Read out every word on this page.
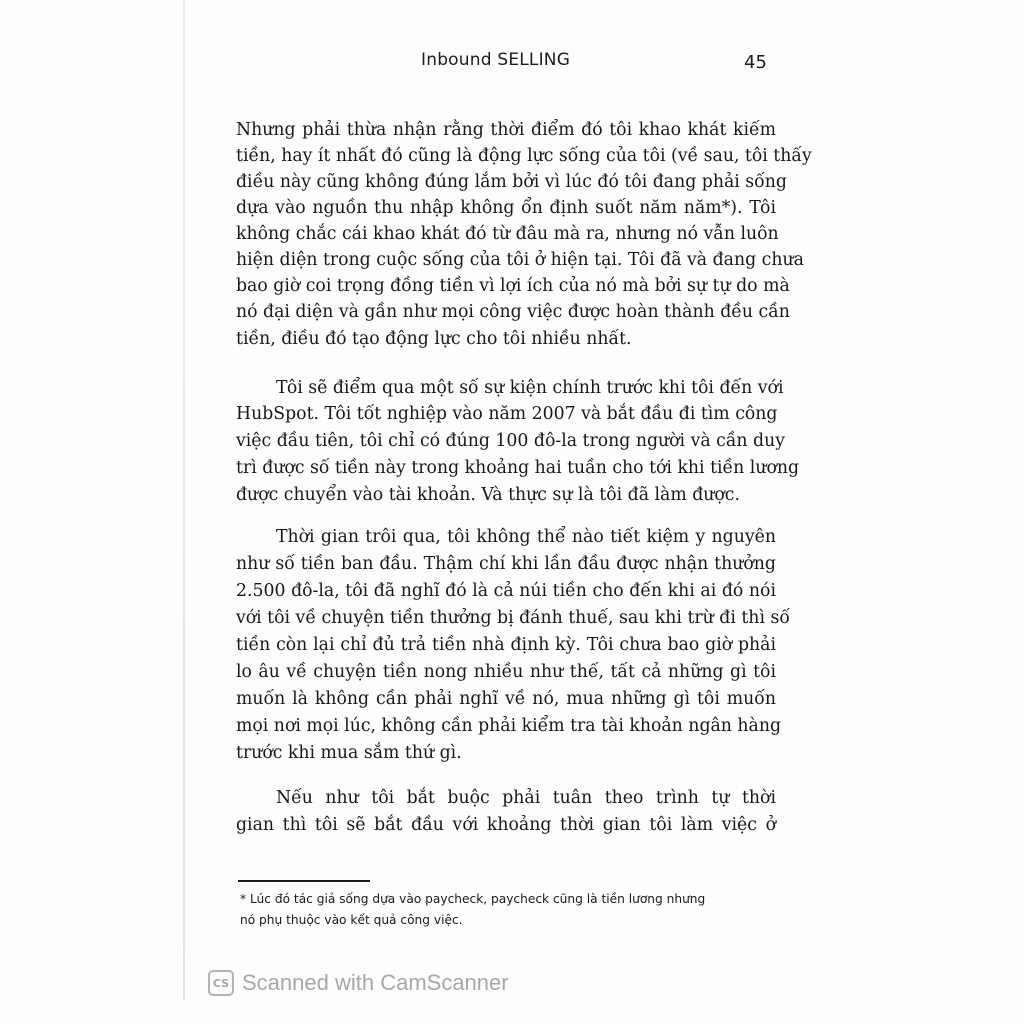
Inbound SELLING	45
Nhưng phải thừa nhận rằng thời điểm đó tôi khao khát kiếm
tiền, hay ít nhất đó cũng là động lực sống của tôi (về sau, tôi thấy
điều này cũng không đúng lắm bởi vì lúc đó tôi đang phải sống
dựa vào nguồn thu nhập không ổn định suốt năm năm*). Tôi
không chắc cái khao khát đó từ đâu mà ra, nhưng nó vẫn luôn
hiện diện trong cuộc sống của tôi ở hiện tại. Tôi đã và đang chưa
bao giờ coi trọng đồng tiền vì lợi ích của nó mà bởi sự tự do mà
nó đại diện và gần như mọi công việc được hoàn thành đều cần
tiền, điều đó tạo động lực cho tôi nhiều nhất.
Tôi sẽ điểm qua một số sự kiện chính trước khi tôi đến với
HubSpot. Tôi tốt nghiệp vào năm 2007 và bắt đầu đi tìm công
việc đầu tiên, tôi chỉ có đúng 100 đô-la trong người và cần duy
trì được số tiền này trong khoảng hai tuần cho tới khi tiền lương
được chuyển vào tài khoản. Và thực sự là tôi đã làm được.
Thời gian trôi qua, tôi không thể nào tiết kiệm y nguyên
như số tiền ban đầu. Thậm chí khi lần đầu được nhận thưởng
2.500 đô-la, tôi đã nghĩ đó là cả núi tiền cho đến khi ai đó nói
với tôi về chuyện tiền thưởng bị đánh thuế, sau khi trừ đi thì số
tiền còn lại chỉ đủ trả tiền nhà định kỳ. Tôi chưa bao giờ phải
lo âu về chuyện tiền nong nhiều như thế, tất cả những gì tôi
muốn là không cần phải nghĩ về nó, mua những gì tôi muốn
mọi nơi mọi lúc, không cần phải kiểm tra tài khoản ngân hàng
trước khi mua sắm thứ gì.
Nếu như tôi bắt buộc phải tuân theo trình tự thời
gian thì tôi sẽ bắt đầu với khoảng thời gian tôi làm việc ở
* Lúc đó tác giả sống dựa vào paycheck, paycheck cũng là tiền lương nhưng
nó phụ thuộc vào kết quả công việc.
CS Scanned with CamScanner
